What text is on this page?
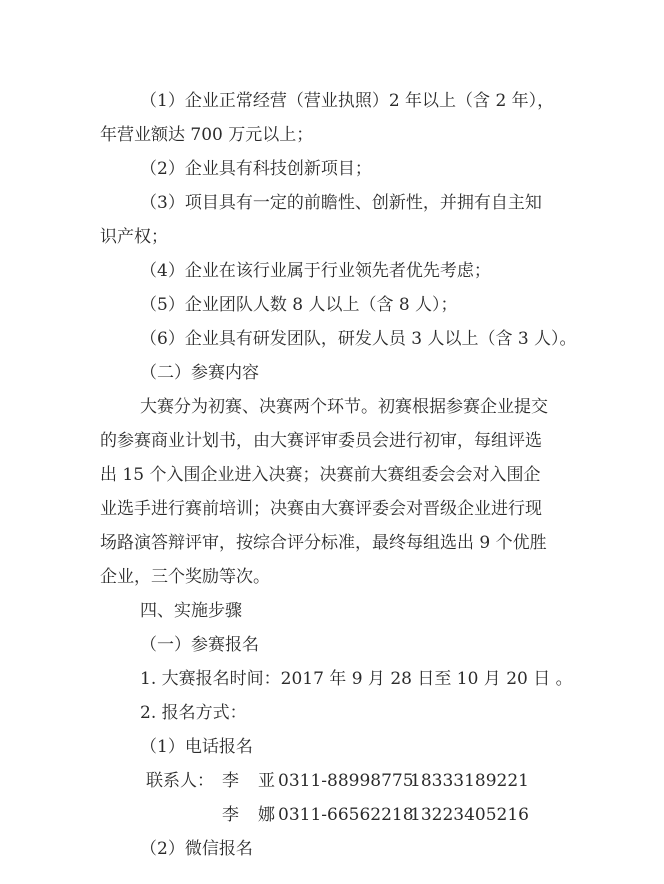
（1）企业正常经营（营业执照）2 年以上（含 2 年），
年营业额达 700 万元以上；
（2）企业具有科技创新项目；
（3）项目具有一定的前瞻性、创新性，并拥有自主知
识产权；
（4）企业在该行业属于行业领先者优先考虑；
（5）企业团队人数 8 人以上（含 8 人）；
（6）企业具有研发团队，研发人员 3 人以上（含 3 人）。
（二）参赛内容
大赛分为初赛、决赛两个环节。初赛根据参赛企业提交
的参赛商业计划书，由大赛评审委员会进行初审，每组评选
出 15 个入围企业进入决赛；决赛前大赛组委会会对入围企
业选手进行赛前培训；决赛由大赛评委会对晋级企业进行现
场路演答辩评审，按综合评分标准，最终每组选出 9 个优胜
企业，三个奖励等次。
四、实施步骤
（一）参赛报名
1. 大赛报名时间：2017 年 9 月 28 日至 10 月 20 日 。
2. 报名方式：
（1）电话报名
联系人： 李 亚 0311-88998775
18333189221
李 娜 0311-66562218
13223405216
（2）微信报名
